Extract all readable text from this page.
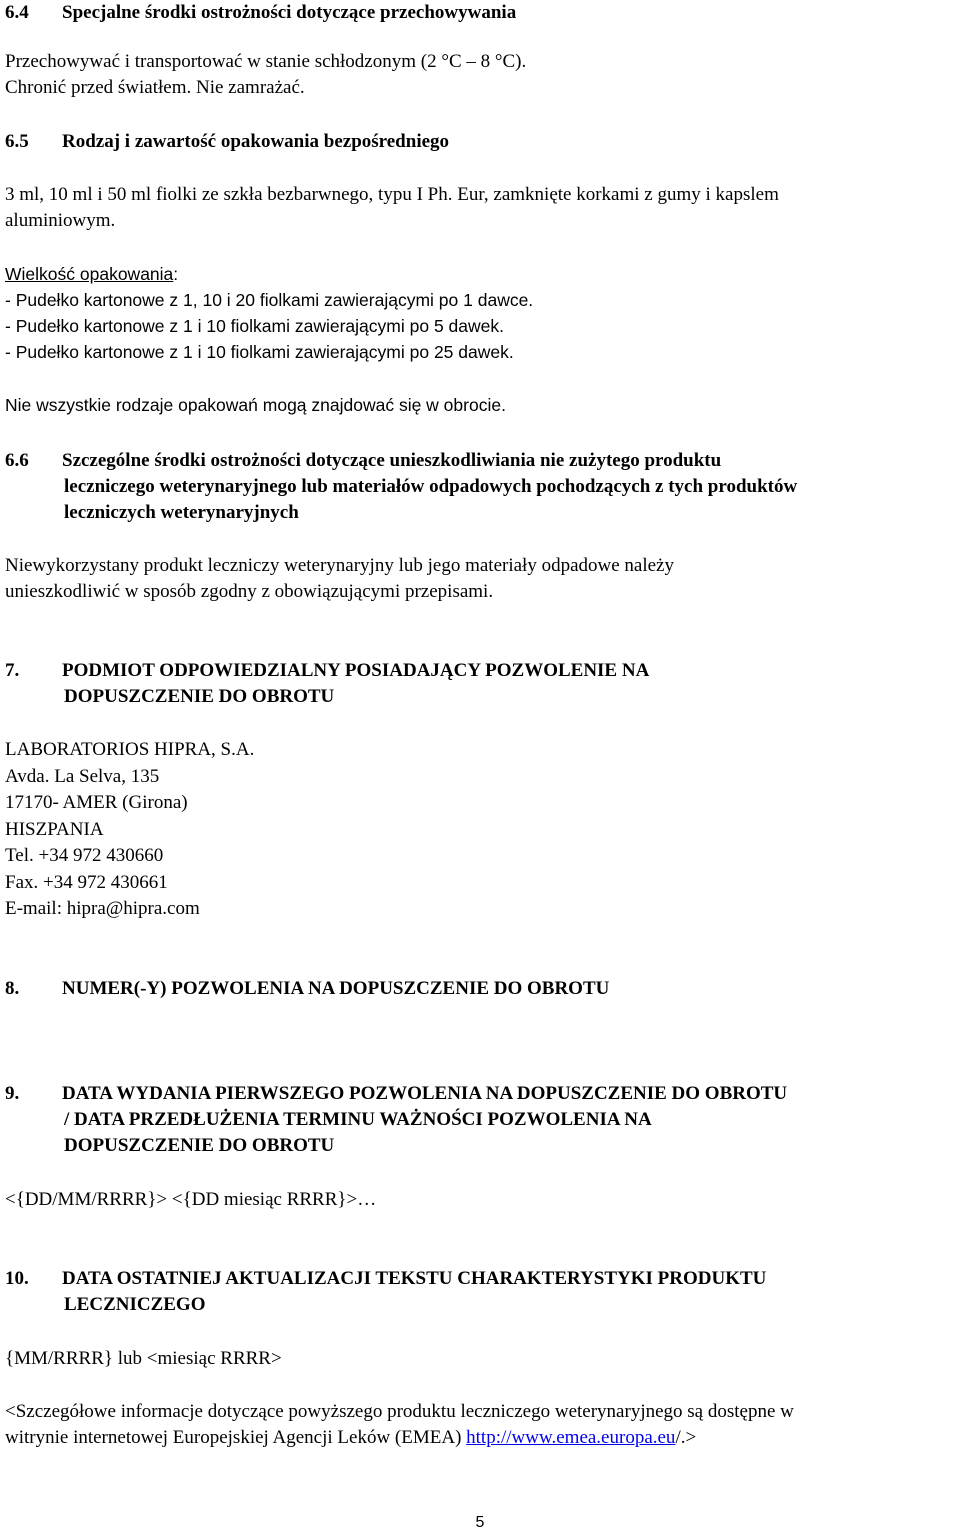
6.4 Specjalne środki ostrożności dotyczące przechowywania
Przechowywać i transportować w stanie schłodzonym (2 °C – 8 °C).
Chronić przed światłem. Nie zamrażać.
6.5 Rodzaj i zawartość opakowania bezpośredniego
3 ml, 10 ml i 50 ml fiolki ze szkła bezbarwnego, typu I Ph. Eur, zamknięte korkami z gumy i kapslem
aluminiowym.
Wielkość opakowania:
- Pudełko kartonowe z 1, 10 i 20 fiolkami zawierającymi po 1 dawce.
- Pudełko kartonowe z 1 i 10 fiolkami zawierającymi po 5 dawek.
- Pudełko kartonowe z 1 i 10 fiolkami zawierającymi po 25 dawek.
Nie wszystkie rodzaje opakowań mogą znajdować się w obrocie.
6.6 Szczególne środki ostrożności dotyczące unieszkodliwiania nie zużytego produktu
leczniczego weterynaryjnego lub materiałów odpadowych pochodzących z tych produktów
leczniczych weterynaryjnych
Niewykorzystany produkt leczniczy weterynaryjny lub jego materiały odpadowe należy
unieszkodliwić w sposób zgodny z obowiązującymi przepisami.
7. PODMIOT ODPOWIEDZIALNY POSIADAJĄCY POZWOLENIE NA
DOPUSZCZENIE DO OBROTU
LABORATORIOS HIPRA, S.A.
Avda. La Selva, 135
17170- AMER (Girona)
HISZPANIA
Tel. +34 972 430660
Fax. +34 972 430661
E-mail: hipra@hipra.com
8. NUMER(-Y) POZWOLENIA NA DOPUSZCZENIE DO OBROTU
9. DATA WYDANIA PIERWSZEGO POZWOLENIA NA DOPUSZCZENIE DO OBROTU
/ DATA PRZEDŁUŻENIA TERMINU WAŻNOŚCI POZWOLENIA NA
DOPUSZCZENIE DO OBROTU
<{DD/MM/RRRR}> <{DD miesiąc RRRR}>…
10. DATA OSTATNIEJ AKTUALIZACJI TEKSTU CHARAKTERYSTYKI PRODUKTU
LECZNICZEGO
{MM/RRRR} lub <miesiąc RRRR>
<Szczegółowe informacje dotyczące powyższego produktu leczniczego weterynaryjnego są dostępne w
witrynie internetowej Europejskiej Agencji Leków (EMEA) http://www.emea.europa.eu/.>
5
